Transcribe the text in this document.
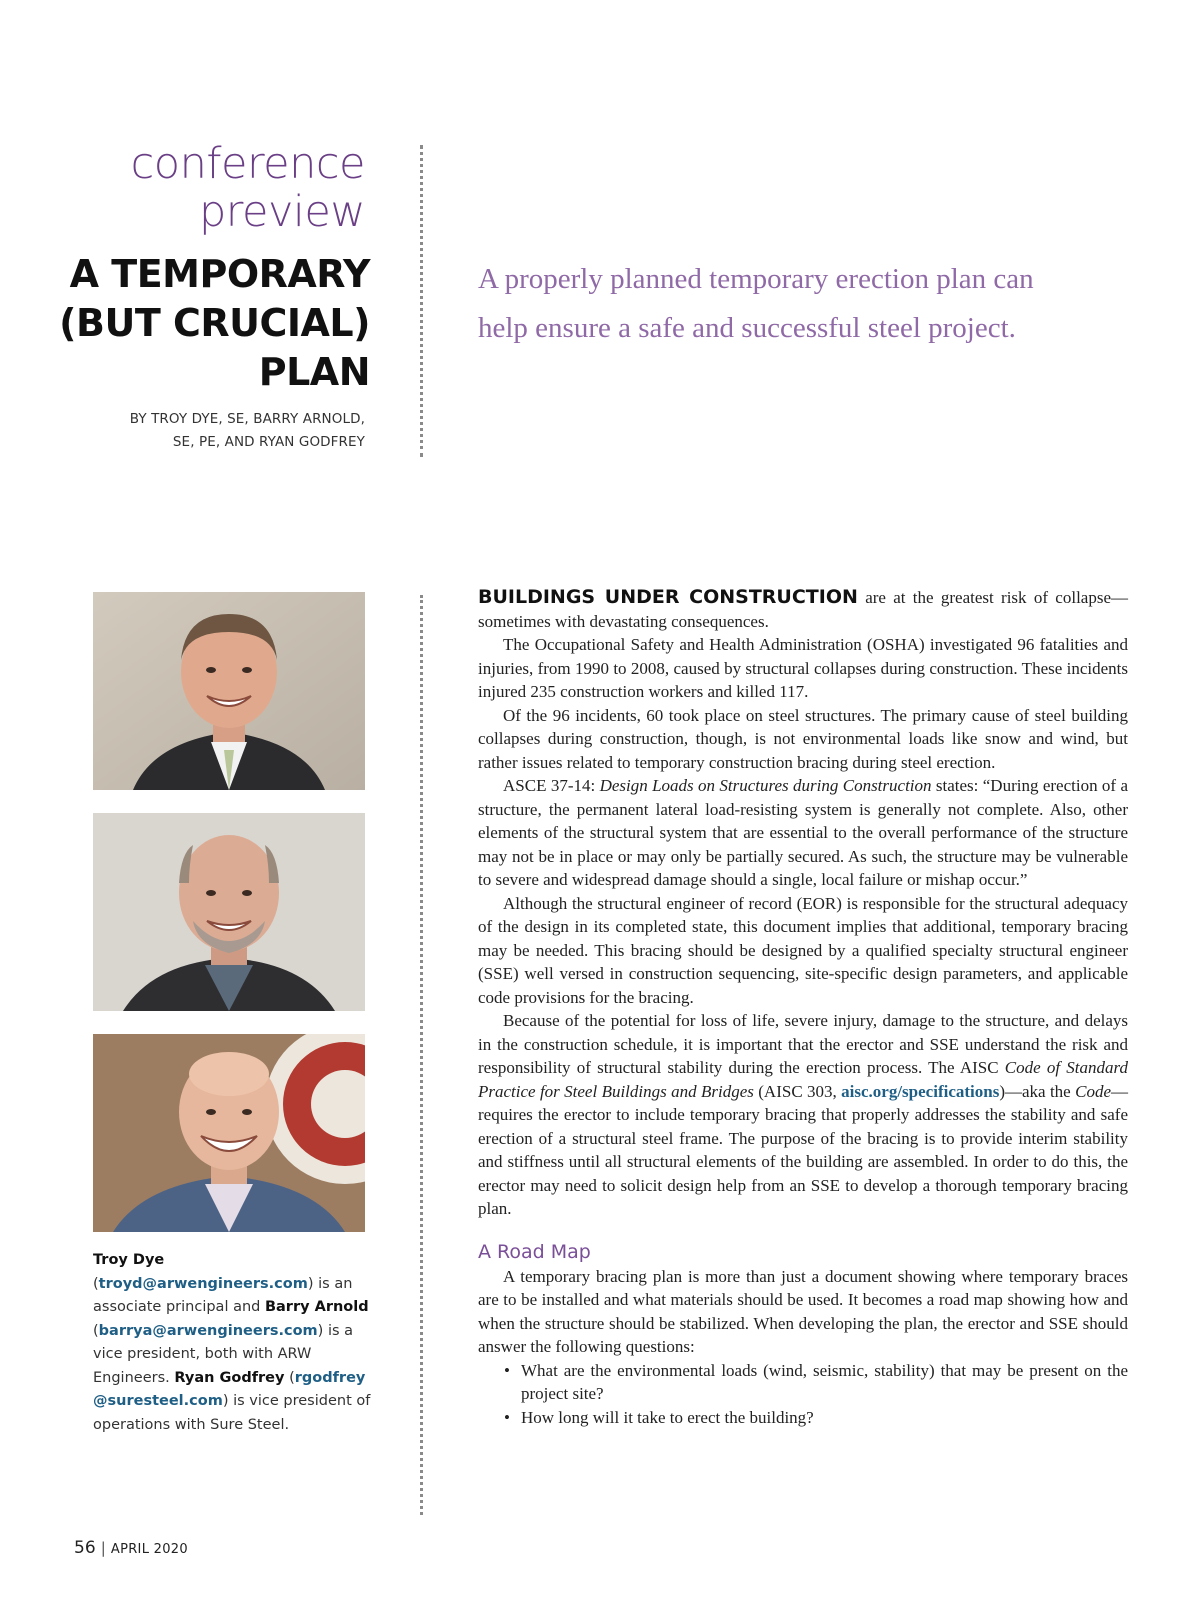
conference
preview
A TEMPORARY
(BUT CRUCIAL)
PLAN
BY TROY DYE, SE, BARRY ARNOLD,
SE, PE, AND RYAN GODFREY
A properly planned temporary erection plan can
help ensure a safe and successful steel project.
Troy Dye (troyd@arwengineers.com) is an associate principal and Barry Arnold (barrya@arwengineers.com) is a vice president, both with ARW Engineers. Ryan Godfrey (rgodfrey @suresteel.com) is vice president of operations with Sure Steel.

BUILDINGS UNDER CONSTRUCTION are at the greatest risk of collapse—sometimes with devastating consequences.

The Occupational Safety and Health Administration (OSHA) investigated 96 fatalities and injuries, from 1990 to 2008, caused by structural collapses during construction. These incidents injured 235 construction workers and killed 117.

Of the 96 incidents, 60 took place on steel structures. The primary cause of steel building collapses during construction, though, is not environmental loads like snow and wind, but rather issues related to temporary construction bracing during steel erection.

ASCE 37-14: Design Loads on Structures during Construction states: “During erection of a structure, the permanent lateral load-resisting system is generally not complete. Also, other elements of the structural system that are essential to the overall performance of the structure may not be in place or may only be partially secured. As such, the structure may be vulnerable to severe and widespread damage should a single, local failure or mishap occur.”

Although the structural engineer of record (EOR) is responsible for the structural adequacy of the design in its completed state, this document implies that additional, temporary bracing may be needed. This bracing should be designed by a qualified specialty structural engineer (SSE) well versed in construction sequencing, site-specific design parameters, and applicable code provisions for the bracing.

Because of the potential for loss of life, severe injury, damage to the structure, and delays in the construction schedule, it is important that the erector and SSE understand the risk and responsibility of structural stability during the erection process. The AISC Code of Standard Practice for Steel Buildings and Bridges (AISC 303, aisc.org/specifications)—aka the Code—requires the erector to include temporary bracing that properly addresses the stability and safe erection of a structural steel frame. The purpose of the bracing is to provide interim stability and stiffness until all structural elements of the building are assembled. In order to do this, the erector may need to solicit design help from an SSE to develop a thorough temporary bracing plan.

A Road Map

A temporary bracing plan is more than just a document showing where temporary braces are to be installed and what materials should be used. It becomes a road map showing how and when the structure should be stabilized. When developing the plan, the erector and SSE should answer the following questions:

• What are the environmental loads (wind, seismic, stability) that may be present on the project site?
• How long will it take to erect the building?
56 | APRIL 2020
